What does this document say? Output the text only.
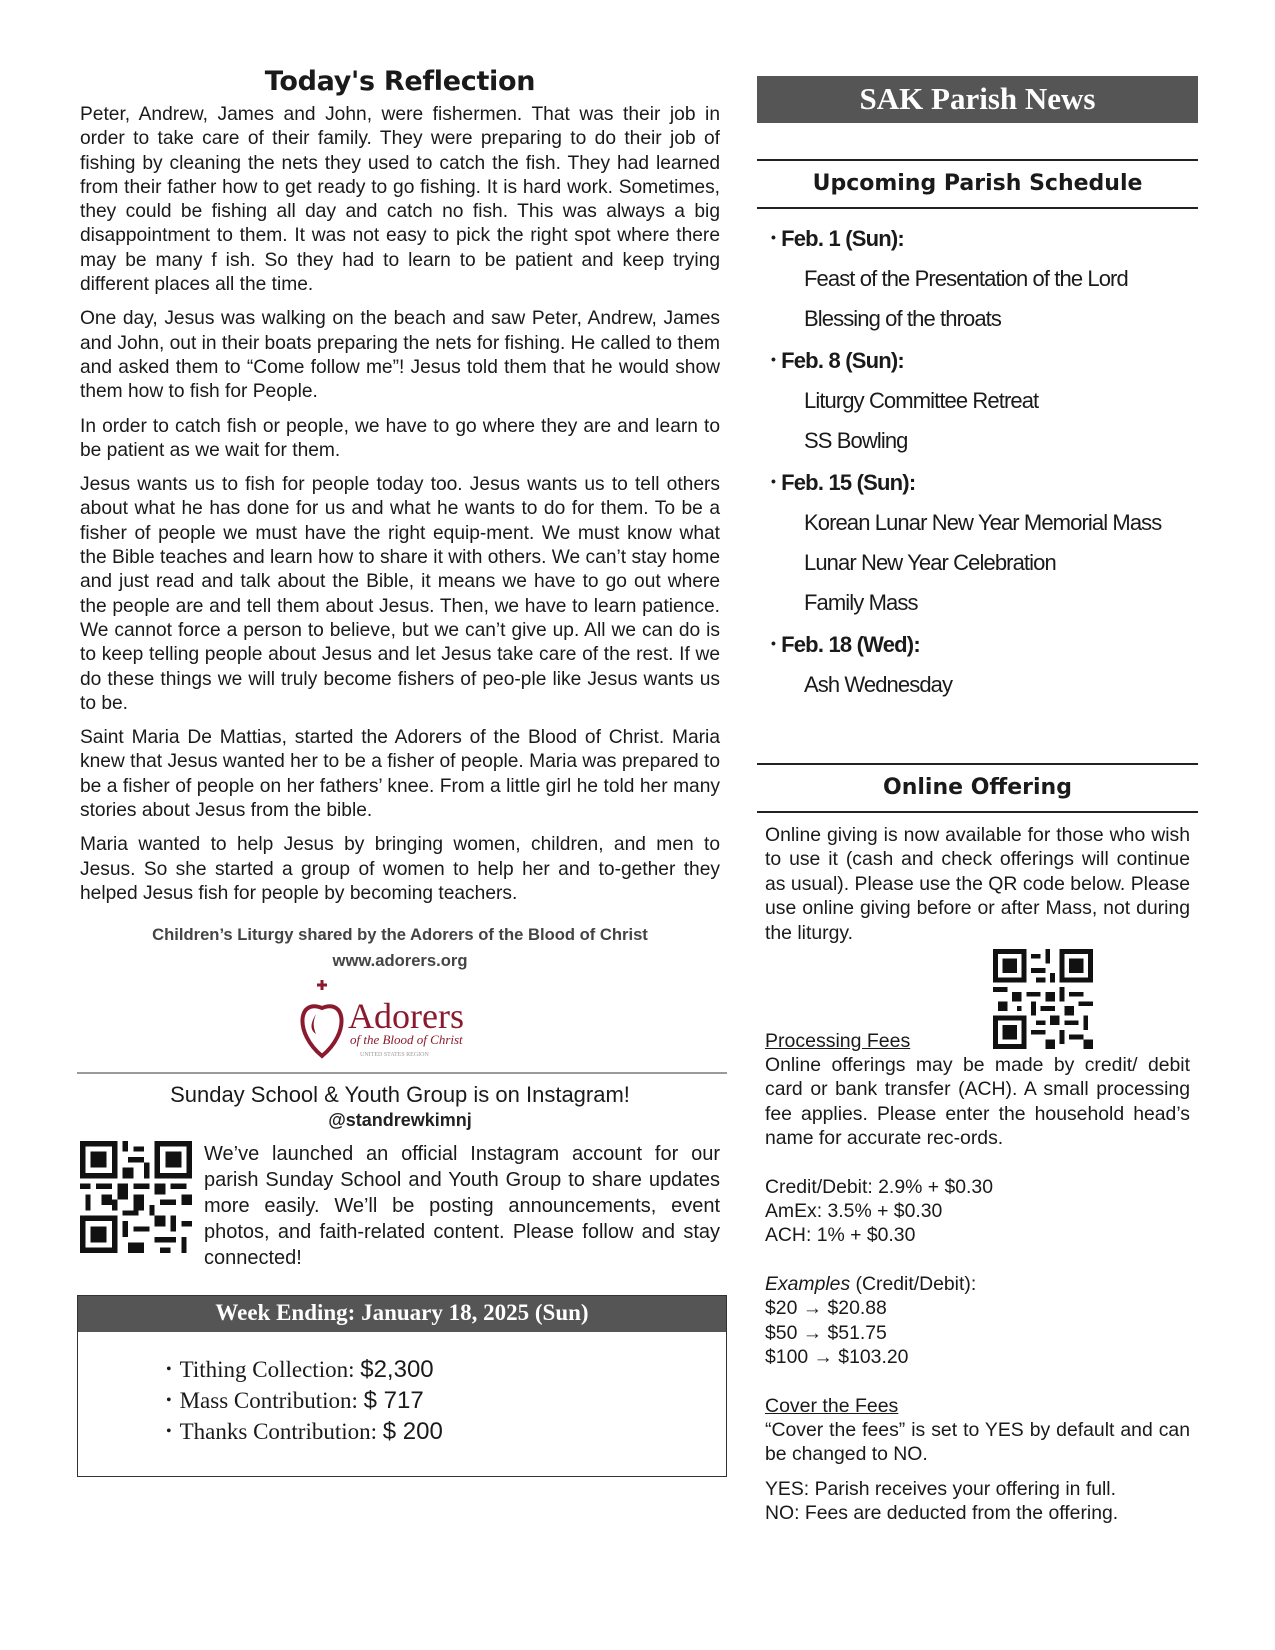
Today's Reflection

Peter, Andrew, James and John, were fishermen. That was their job in order to take care of their family. They were preparing to do their job of fishing by cleaning the nets they used to catch the fish. They had learned from their father how to get ready to go fishing. It is hard work. Sometimes, they could be fishing all day and catch no fish. This was always a big disappointment to them. It was not easy to pick the right spot where there may be many f ish. So they had to learn to be patient and keep trying different places all the time.

One day, Jesus was walking on the beach and saw Peter, Andrew, James and John, out in their boats preparing the nets for fishing. He called to them and asked them to “Come follow me”! Jesus told them that he would show them how to fish for People.

In order to catch fish or people, we have to go where they are and learn to be patient as we wait for them.

Jesus wants us to fish for people today too. Jesus wants us to tell others about what he has done for us and what he wants to do for them. To be a fisher of people we must have the right equip-ment. We must know what the Bible teaches and learn how to share it with others. We can’t stay home and just read and talk about the Bible, it means we have to go out where the people are and tell them about Jesus. Then, we have to learn patience. We cannot force a person to believe, but we can’t give up. All we can do is to keep telling people about Jesus and let Jesus take care of the rest. If we do these things we will truly become fishers of peo-ple like Jesus wants us to be.

Saint Maria De Mattias, started the Adorers of the Blood of Christ. Maria knew that Jesus wanted her to be a fisher of people. Maria was prepared to be a fisher of people on her fathers’ knee. From a little girl he told her many stories about Jesus from the bible.

Maria wanted to help Jesus by bringing women, children, and men to Jesus. So she started a group of women to help her and to-gether they helped Jesus fish for people by becoming teachers.

Children’s Liturgy shared by the Adorers of the Blood of Christ
www.adorers.org
Adorers
of the Blood of Christ
UNITED STATES REGION
Sunday School & Youth Group is on Instagram!
@standrewkimnj

We’ve launched an official Instagram account for our parish Sunday School and Youth Group to share updates more easily. We’ll be posting announcements, event photos, and faith-related content. Please follow and stay connected!

Week Ending: January 18, 2025 (Sun)
• Tithing Collection: $2,300
• Mass Contribution: $ 717
• Thanks Contribution: $ 200
SAK Parish News
Upcoming Parish Schedule
• Feb. 1 (Sun):
Feast of the Presentation of the Lord
Blessing of the throats
• Feb. 8 (Sun):
Liturgy Committee Retreat
SS Bowling
• Feb. 15 (Sun):
Korean Lunar New Year Memorial Mass
Lunar New Year Celebration
Family Mass
• Feb. 18 (Wed):
Ash Wednesday
Online Offering

Online giving is now available for those who wish to use it (cash and check offerings will continue as usual). Please use the QR code below. Please use online giving before or after Mass, not during the liturgy.

Processing Fees

Online offerings may be made by credit/ debit card or bank transfer (ACH). A small processing fee applies. Please enter the household head’s name for accurate rec-ords.

Credit/Debit: 2.9% + $0.30

AmEx: 3.5% + $0.30

ACH: 1% + $0.30

Examples (Credit/Debit):

$20 → $20.88

$50 → $51.75

$100 → $103.20

Cover the Fees

“Cover the fees” is set to YES by default and can be changed to NO.

YES: Parish receives your offering in full.

NO: Fees are deducted from the offering.
